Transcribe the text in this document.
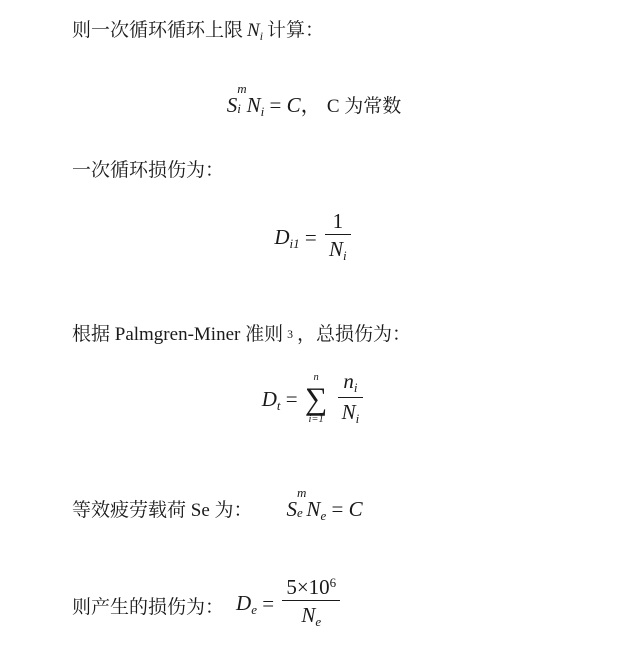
则一次循环循环上限 $N_i$ 计算：
S
m
i $N_i = C$， C 为常数
一次循环损伤为：
$D_{i1} = \frac{1}{N_i}$
根据 Palmgren-Miner 准则 3 ，总损伤为：
$D_t$ =
n
∑
i=1
$\frac{n_i}{N_i}$
等效疲劳载荷 Se 为： S
m
e $N_e = C$
则产生的损伤为： $D_e = \frac{5\times 10^6}{N_e}$
